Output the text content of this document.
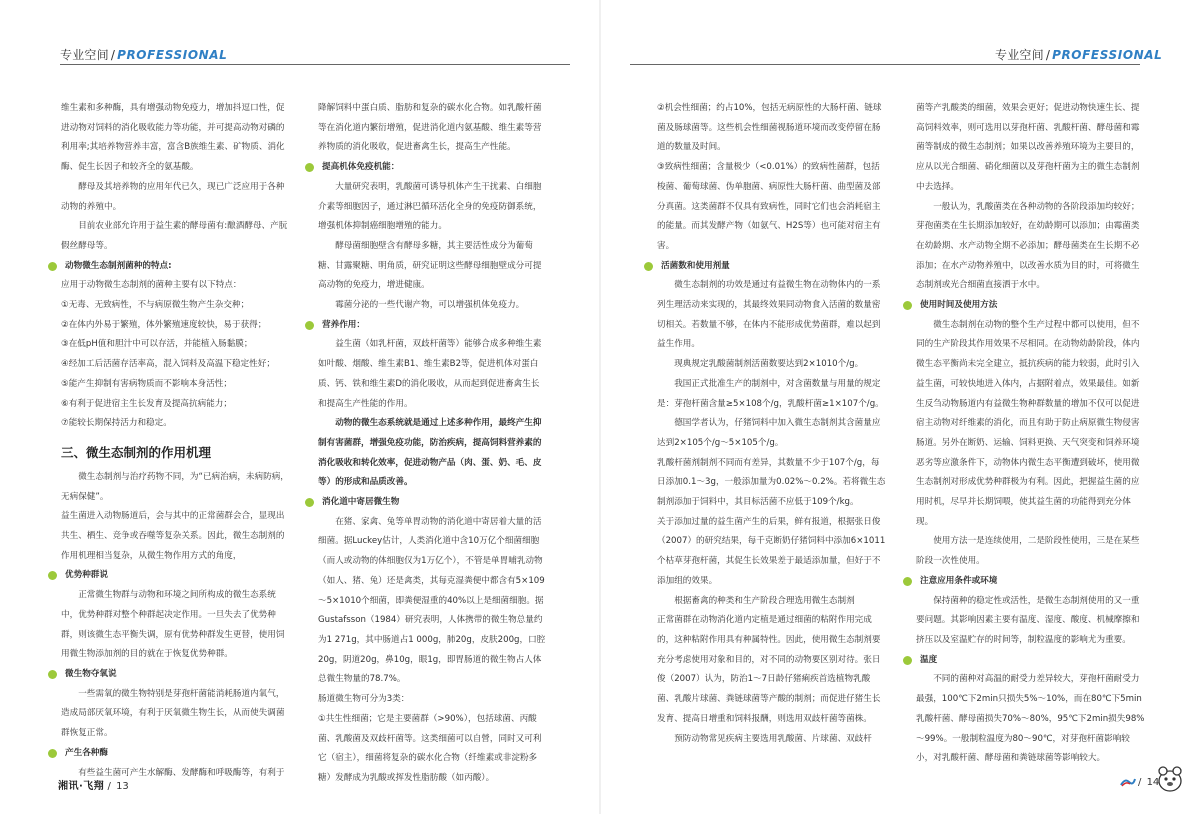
专业空间 / PROFESSIONAL

维生素和多种酶，具有增强动物免疫力，增加抖逗口性，促进动物对饲料的消化吸收能力等功能，并可提高动物对磷的利用率;其培养物营养丰富，富含B族维生素、矿物质、消化酶、促生长因子和较齐全的氨基酸。

酵母及其培养物的应用年代已久，现已广泛应用于各种动物的养殖中。

目前农业部允许用于益生素的酵母菌有:酿酒酵母、产朊假丝酵母等。

动物微生态制剂菌种的特点:

应用于动物微生态制剂的菌种主要有以下特点：

①无毒、无致病性，不与病原微生物产生杂交种；

②在体内外易于繁殖，体外繁殖速度较快，易于获得；

③在低pH值和胆汁中可以存活，并能植入肠黏膜；

④经加工后活菌存活率高，混入饲料及高温下稳定性好；

⑤能产生抑制有害病物质而不影响本身活性；

⑥有利于促进宿主生长发育及提高抗病能力；

⑦能较长期保持活力和稳定。

三、微生态制剂的作用机理

微生态制剂与治疗药物不同，为“已病治病，未病防病，无病保健”。

益生菌进入动物肠道后，会与其中的正常菌群会合，显现出共生、栖生、竞争或吞噬等复杂关系。因此，微生态制剂的作用机理相当复杂，从微生物作用方式的角度，

优势种群说

正常微生物群与动物和环境之间所构成的微生态系统中，优势种群对整个种群起决定作用。一旦失去了优势种群，则该微生态平衡失调，原有优势种群发生更替，使用饲用微生物添加剂的目的就在于恢复优势种群。

微生物夺氧说

一些需氧的微生物特别是芽孢杆菌能消耗肠道内氧气，造成局部厌氧环境，有利于厌氧微生物生长，从而使失调菌群恢复正常。

产生各种酶

有些益生菌可产生水解酶、发酵酶和呼吸酶等，有利于

降解饲料中蛋白质、脂肪和复杂的碳水化合物。如乳酸杆菌等在消化道内繁衍增殖，促进消化道内氨基酸、维生素等营养物质的消化吸收，促进畜禽生长，提高生产性能。

提高机体免疫机能：

大量研究表明，乳酸菌可诱导机体产生干扰素、白细胞介素等细胞因子，通过淋巴循环活化全身的免疫防御系统，增强机体抑制癌细胞增殖的能力。

酵母菌细胞壁含有酵母多糖，其主要活性成分为葡萄糖、甘露聚糖、明角质，研究证明这些酵母细胞壁成分可提高动物的免疫力，增进健康。

霉菌分泌的一些代谢产物，可以增强机体免疫力。

营养作用：

益生菌（如乳杆菌，双歧杆菌等）能够合成多种维生素如叶酸、烟酸、维生素B1、维生素B2等，促进机体对蛋白质、钙、铁和维生素D的消化吸收，从而起到促进畜禽生长和提高生产性能的作用。

动物的微生态系统就是通过上述多种作用，最终产生抑制有害菌群，增强免疫功能，防治疾病，提高饲料营养素的消化吸收和转化效率，促进动物产品（肉、蛋、奶、毛、皮等）的形成和品质改善。

消化道中寄居微生物

在猪、家禽、兔等单胃动物的消化道中寄居着大量的活细菌。据Luckey估计，人类消化道中含10万亿个细菌细胞（而人或动物的体细胞仅为1万亿个），不管是单胃哺乳动物（如人、猪、兔）还是禽类，其每克湿粪便中都含有5×109～5×1010个细菌，即粪便湿重的40%以上是细菌细胞。据Gustafsson（1984）研究表明，人体携带的微生物总量约为1 271g，其中肠道占1 000g，肺20g，皮肤200g，口腔20g，阴道20g，鼻10g，眼1g，即胃肠道的微生物占人体总微生物量的78.7%。

肠道微生物可分为3类：

①共生性细菌；它是主要菌群（>90%），包括球菌、丙酸菌、乳酸菌及双歧杆菌等。这类细菌可以自營，同时又可利它（宿主），细菌将复杂的碳水化合物（纤维素或非淀粉多糖）发酵成为乳酸或挥发性脂肪酸（如丙酸）。

湘讯·飞翔 / 13
专业空间 / PROFESSIONAL

②机会性细菌；约占10%，包括无病原性的大肠杆菌、链球菌及肠球菌等。这些机会性细菌视肠道环境而改变停留在肠道的数量及时间。

③致病性细菌；含量极少（<0.01%）的致病性菌群，包括梭菌、葡萄球菌、伪单胞菌、病原性大肠杆菌、曲型菌及部分真菌。这类菌群不仅具有致病性，同时它们也会消耗宿主的能量。而其发酵产物（如氨气、H2S等）也可能对宿主有害。

活菌数和使用剂量

微生态制剂的功效是通过有益微生物在动物体内的一系列生理活动来实现的，其最终效果同动物食入活菌的数量密切相关。若数量不够，在体内不能形成优势菌群，难以起到益生作用。

现典规定乳酸菌制剂活菌数要达到2×1010个/g。

我国正式批准生产的制剂中，对含菌数量与用量的规定是：芽孢杆菌含量≥5×108个/g，乳酸杆菌≥1×107个/g。

德国学者认为，仔猪饲料中加入微生态制剂其含菌量应达到2×105个/g～5×105个/g。

乳酸杆菌剂制剂不同而有差异，其数量不少于107个/g，每日添加0.1～3g，一般添加量为0.02%～0.2%。若将微生态制剂添加于饲料中，其目标活菌不应低于109个/kg。

关于添加过量的益生菌产生的后果，鲜有报道，根据张日俊（2007）的研究结果，每千克断奶仔猪饲料中添加6×1011个枯草芽孢杆菌，其促生长效果差于最适添加量，但好于不添加组的效果。

根据畜禽的种类和生产阶段合理选用微生态制剂

正常菌群在动物消化道内定植是通过细菌的粘附作用完成的，这种粘附作用具有种属特性。因此，使用微生态制剂要充分考虑使用对象和目的，对不同的动物要区别对待。张日俊（2007）认为，防治1～7日龄仔猪痢疾首选植物乳酸菌、乳酸片球菌、粪链球菌等产酸的制剂；而促进仔猪生长发育、提高日增重和饲料报酬，则选用双歧杆菌等菌株。

预防动物常见疾病主要选用乳酸菌、片球菌、双歧杆

菌等产乳酸类的细菌，效果会更好；促进动物快速生长、提高饲料效率，则可选用以芽孢杆菌、乳酸杆菌、酵母菌和霉菌等制成的微生态制剂；如果以改善养殖环境为主要目的，应从以光合细菌、硝化细菌以及芽孢杆菌为主的微生态制剂中去选择。

一般认为，乳酸菌类在各种动物的各阶段添加均较好；芽孢菌类在生长期添加较好，在幼龄期可以添加；由霉菌类在幼龄期、水产动物全期不必添加；酵母菌类在生长期不必添加；在水产动物养殖中，以改善水质为目的时，可将微生态制剂或光合细菌直接洒于水中。

使用时间及使用方法

微生态制剂在动物的整个生产过程中都可以使用，但不同的生产阶段其作用效果不尽相同。在动物幼龄阶段，体内微生态平衡尚未完全建立，抵抗疾病的能力较弱，此时引入益生菌，可较快地进入体内，占据附着点，效果最佳。如新生反刍动物肠道内有益微生物种群数量的增加不仅可以促进宿主动物对纤维素的消化，而且有助于防止病原微生物侵害肠道。另外在断奶、运输、饲料更换、天气突变和饲养环境恶劣等应激条件下，动物体内微生态平衡遭到破坏，使用微生态制剂对形成优势种群极为有利。因此，把握益生菌的应用时机，尽早并长期饲喂，使其益生菌的功能得到充分体现。

使用方法一是连续使用，二是阶段性使用，三是在某些阶段一次性使用。

注意应用条件或环境

保持菌种的稳定性或活性，是微生态制剂使用的又一重要问题。其影响因素主要有温度、湿度、酸度、机械摩擦和挤压以及室温贮存的时间等，制粒温度的影响尤为重要。

温度

不同的菌种对高温的耐受力差异较大，芽孢杆菌耐受力最强，100℃下2min只损失5%～10%，而在80℃下5min乳酸杆菌、酵母菌损失70%～80%，95℃下2min损失98%～99%。一般制粒温度为80～90℃，对芽孢杆菌影响较小，对乳酸杆菌、酵母菌和粪链球菌等影响较大。

/ 14
